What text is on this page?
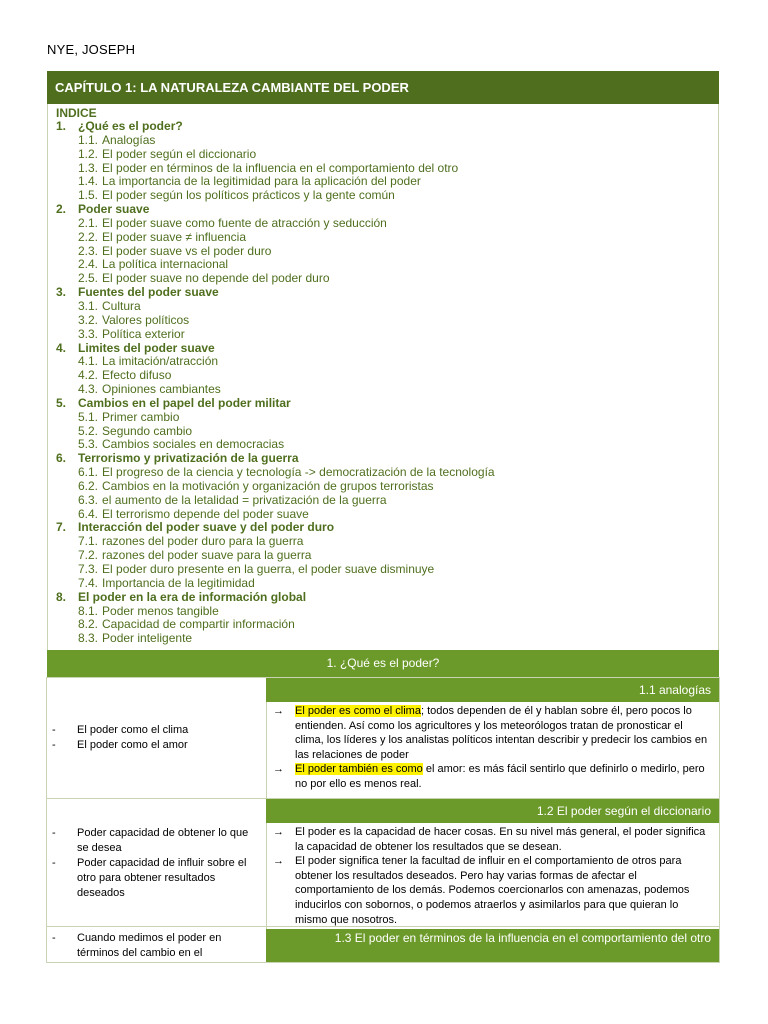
NYE, JOSEPH
CAPÍTULO 1: LA NATURALEZA CAMBIANTE DEL PODER
INDICE
1. ¿Qué es el poder?
1.1. Analogías
1.2. El poder según el diccionario
1.3. El poder en términos de la influencia en el comportamiento del otro
1.4. La importancia de la legitimidad para la aplicación del poder
1.5. El poder según los políticos prácticos y la gente común
2. Poder suave
2.1. El poder suave como fuente de atracción y seducción
2.2. El poder suave ≠ influencia
2.3. El poder suave vs el poder duro
2.4. La política internacional
2.5. El poder suave no depende del poder duro
3. Fuentes del poder suave
3.1. Cultura
3.2. Valores políticos
3.3. Política exterior
4. Limites del poder suave
4.1. La imitación/atracción
4.2. Efecto difuso
4.3. Opiniones cambiantes
5. Cambios en el papel del poder militar
5.1. Primer cambio
5.2. Segundo cambio
5.3. Cambios sociales en democracias
6. Terrorismo y privatización de la guerra
6.1. El progreso de la ciencia y tecnología -> democratización de la tecnología
6.2. Cambios en la motivación y organización de grupos terroristas
6.3. el aumento de la letalidad = privatización de la guerra
6.4. El terrorismo depende del poder suave
7. Interacción del poder suave y del poder duro
7.1. razones del poder duro para la guerra
7.2. razones del poder suave para la guerra
7.3. El poder duro presente en la guerra, el poder suave disminuye
7.4. Importancia de la legitimidad
8. El poder en la era de información global
8.1. Poder menos tangible
8.2. Capacidad de compartir información
8.3. Poder inteligente
1. ¿Qué es el poder?
1.1 analogías
- El poder como el clima
- El poder como el amor
→ El poder es como el clima; todos dependen de él y hablan sobre él, pero pocos lo entienden. Así como los agricultores y los meteorólogos tratan de pronosticar el clima, los líderes y los analistas políticos intentan describir y predecir los cambios en las relaciones de poder
→ El poder también es como el amor: es más fácil sentirlo que definirlo o medirlo, pero no por ello es menos real.
1.2 El poder según el diccionario
- Poder capacidad de obtener lo que se desea
- Poder capacidad de influir sobre el otro para obtener resultados deseados
→ El poder es la capacidad de hacer cosas. En su nivel más general, el poder significa la capacidad de obtener los resultados que se desean.
→ El poder significa tener la facultad de influir en el comportamiento de otros para obtener los resultados deseados. Pero hay varias formas de afectar el comportamiento de los demás. Podemos coercionarlos con amenazas, podemos inducirlos con sobornos, o podemos atraerlos y asimilarlos para que quieran lo mismo que nosotros.
1.3 El poder en términos de la influencia en el comportamiento del otro
- Cuando medimos el poder en términos del cambio en el
